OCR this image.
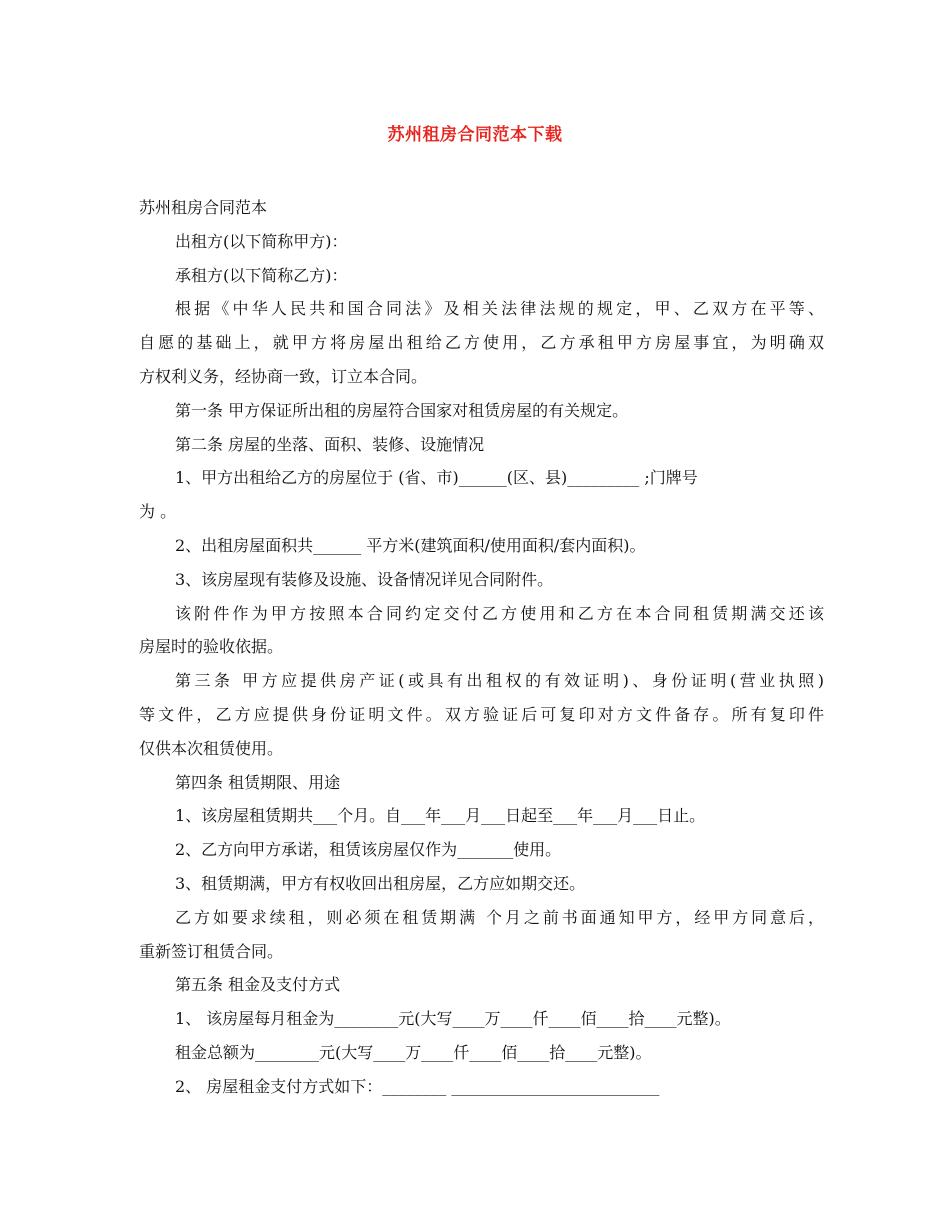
苏州租房合同范本下载
苏州租房合同范本
出租方(以下简称甲方)：
承租方(以下简称乙方)：
根据《中华人民共和国合同法》及相关法律法规的规定，甲、乙双方在平等、
自愿的基础上，就甲方将房屋出租给乙方使用，乙方承租甲方房屋事宜，为明确双
方权利义务，经协商一致，订立本合同。
第一条 甲方保证所出租的房屋符合国家对租赁房屋的有关规定。
第二条 房屋的坐落、面积、装修、设施情况
1、甲方出租给乙方的房屋位于 (省、市)______(区、县)_________ ;门牌号
为 。
2、出租房屋面积共______ 平方米(建筑面积/使用面积/套内面积)。
3、该房屋现有装修及设施、设备情况详见合同附件。
该附件作为甲方按照本合同约定交付乙方使用和乙方在本合同租赁期满交还该
房屋时的验收依据。
第三条 甲方应提供房产证(或具有出租权的有效证明)、身份证明(营业执照)
等文件，乙方应提供身份证明文件。双方验证后可复印对方文件备存。所有复印件
仅供本次租赁使用。
第四条 租赁期限、用途
1、该房屋租赁期共___个月。自___年___月___日起至___年___月___日止。
2、乙方向甲方承诺，租赁该房屋仅作为_______使用。
3、租赁期满，甲方有权收回出租房屋，乙方应如期交还。
乙方如要求续租，则必须在租赁期满 个月之前书面通知甲方，经甲方同意后，
重新签订租赁合同。
第五条 租金及支付方式
1、 该房屋每月租金为________元(大写____万____仟____佰____拾____元整)。
租金总额为________元(大写____万____仟____佰____拾____元整)。
2、 房屋租金支付方式如下：________ __________________________
